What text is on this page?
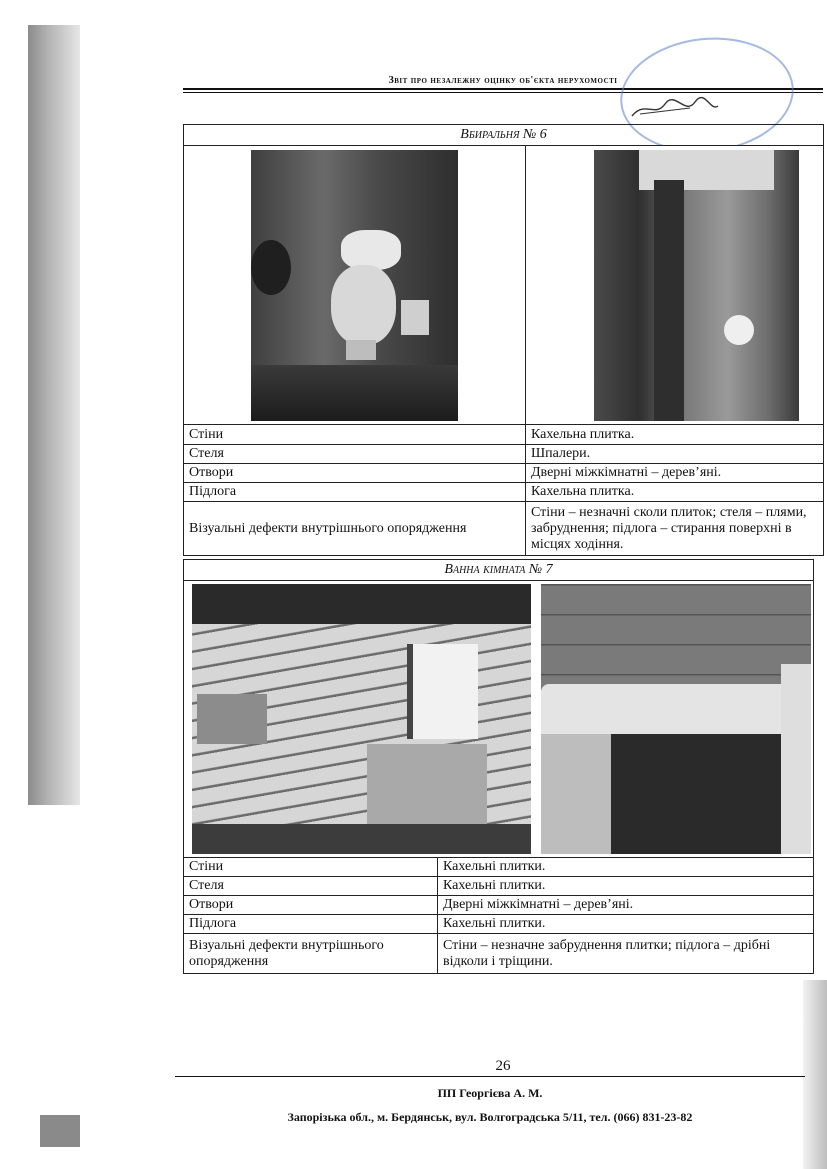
Звіт про незалежну оцінку об'єкта нерухомості
Вбиральня № 6	

Стіни	Кахельна плитка.
Стеля	Шпалери.
Отвори	Дверні міжкімнатні – дерев’яні.
Підлога	Кахельна плитка.
Візуальні дефекти внутрішнього опорядження	Стіни – незначні сколи плиток; стеля – плями, забруднення; підлога – стирання поверхні в місцях ходіння.
Ванна кімната № 7	

Стіни	Кахельні плитки.
Стеля	Кахельні плитки.
Отвори	Дверні міжкімнатні – дерев’яні.
Підлога	Кахельні плитки.
Візуальні дефекти внутрішнього опорядження	Стіни – незначне забруднення плитки; підлога – дрібні відколи і тріщини.
26
ПП Георгієва А. М.
Запорізька обл., м. Бердянськ, вул. Волгоградська 5/11, тел. (066) 831-23-82
